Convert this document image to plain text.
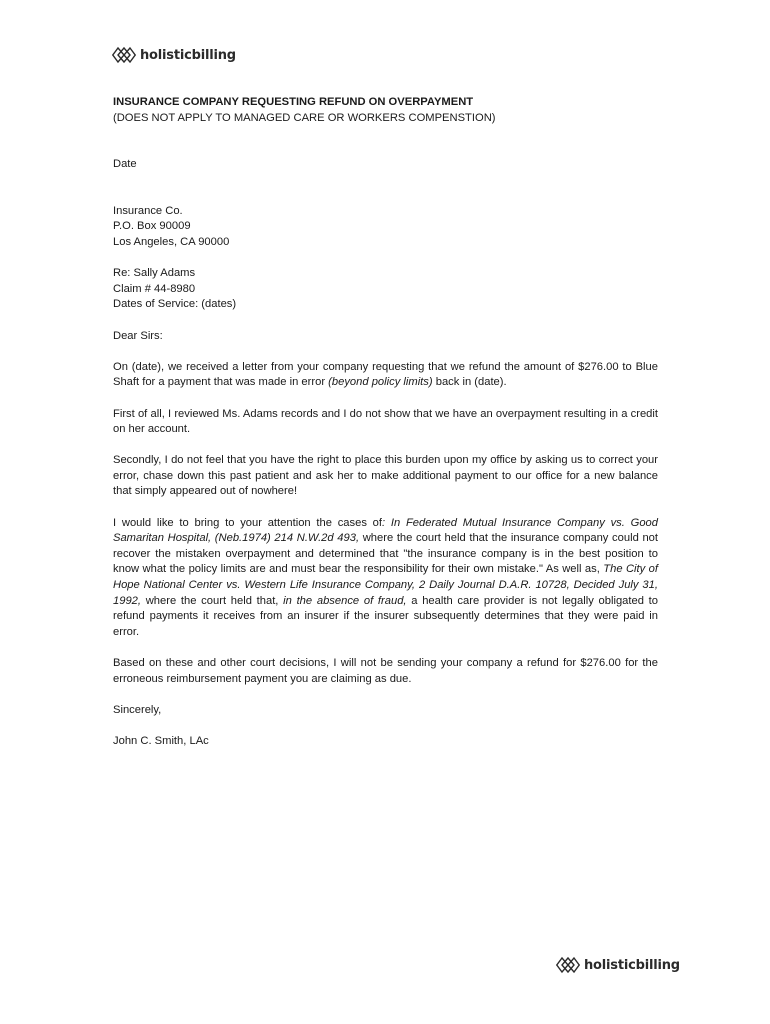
holisticbilling

INSURANCE COMPANY REQUESTING REFUND ON OVERPAYMENT

(DOES NOT APPLY TO MANAGED CARE OR WORKERS COMPENSTION)

Date

Insurance Co.

P.O. Box 90009

Los Angeles, CA 90000

Re: Sally Adams

Claim # 44-8980

Dates of Service: (dates)

Dear Sirs:

On (date), we received a letter from your company requesting that we refund the amount of $276.00 to Blue Shaft for a payment that was made in error (beyond policy limits) back in (date).

First of all, I reviewed Ms. Adams records and I do not show that we have an overpayment resulting in a credit on her account.

Secondly, I do not feel that you have the right to place this burden upon my office by asking us to correct your error, chase down this past patient and ask her to make additional payment to our office for a new balance that simply appeared out of nowhere!

I would like to bring to your attention the cases of: In Federated Mutual Insurance Company vs. Good Samaritan Hospital, (Neb.1974) 214 N.W.2d 493, where the court held that the insurance company could not recover the mistaken overpayment and determined that "the insurance company is in the best position to know what the policy limits are and must bear the responsibility for their own mistake." As well as, The City of Hope National Center vs. Western Life Insurance Company, 2 Daily Journal D.A.R. 10728, Decided July 31, 1992, where the court held that, in the absence of fraud, a health care provider is not legally obligated to refund payments it receives from an insurer if the insurer subsequently determines that they were paid in error.

Based on these and other court decisions, I will not be sending your company a refund for $276.00 for the erroneous reimbursement payment you are claiming as due.

Sincerely,

John C. Smith, LAc

holisticbilling
